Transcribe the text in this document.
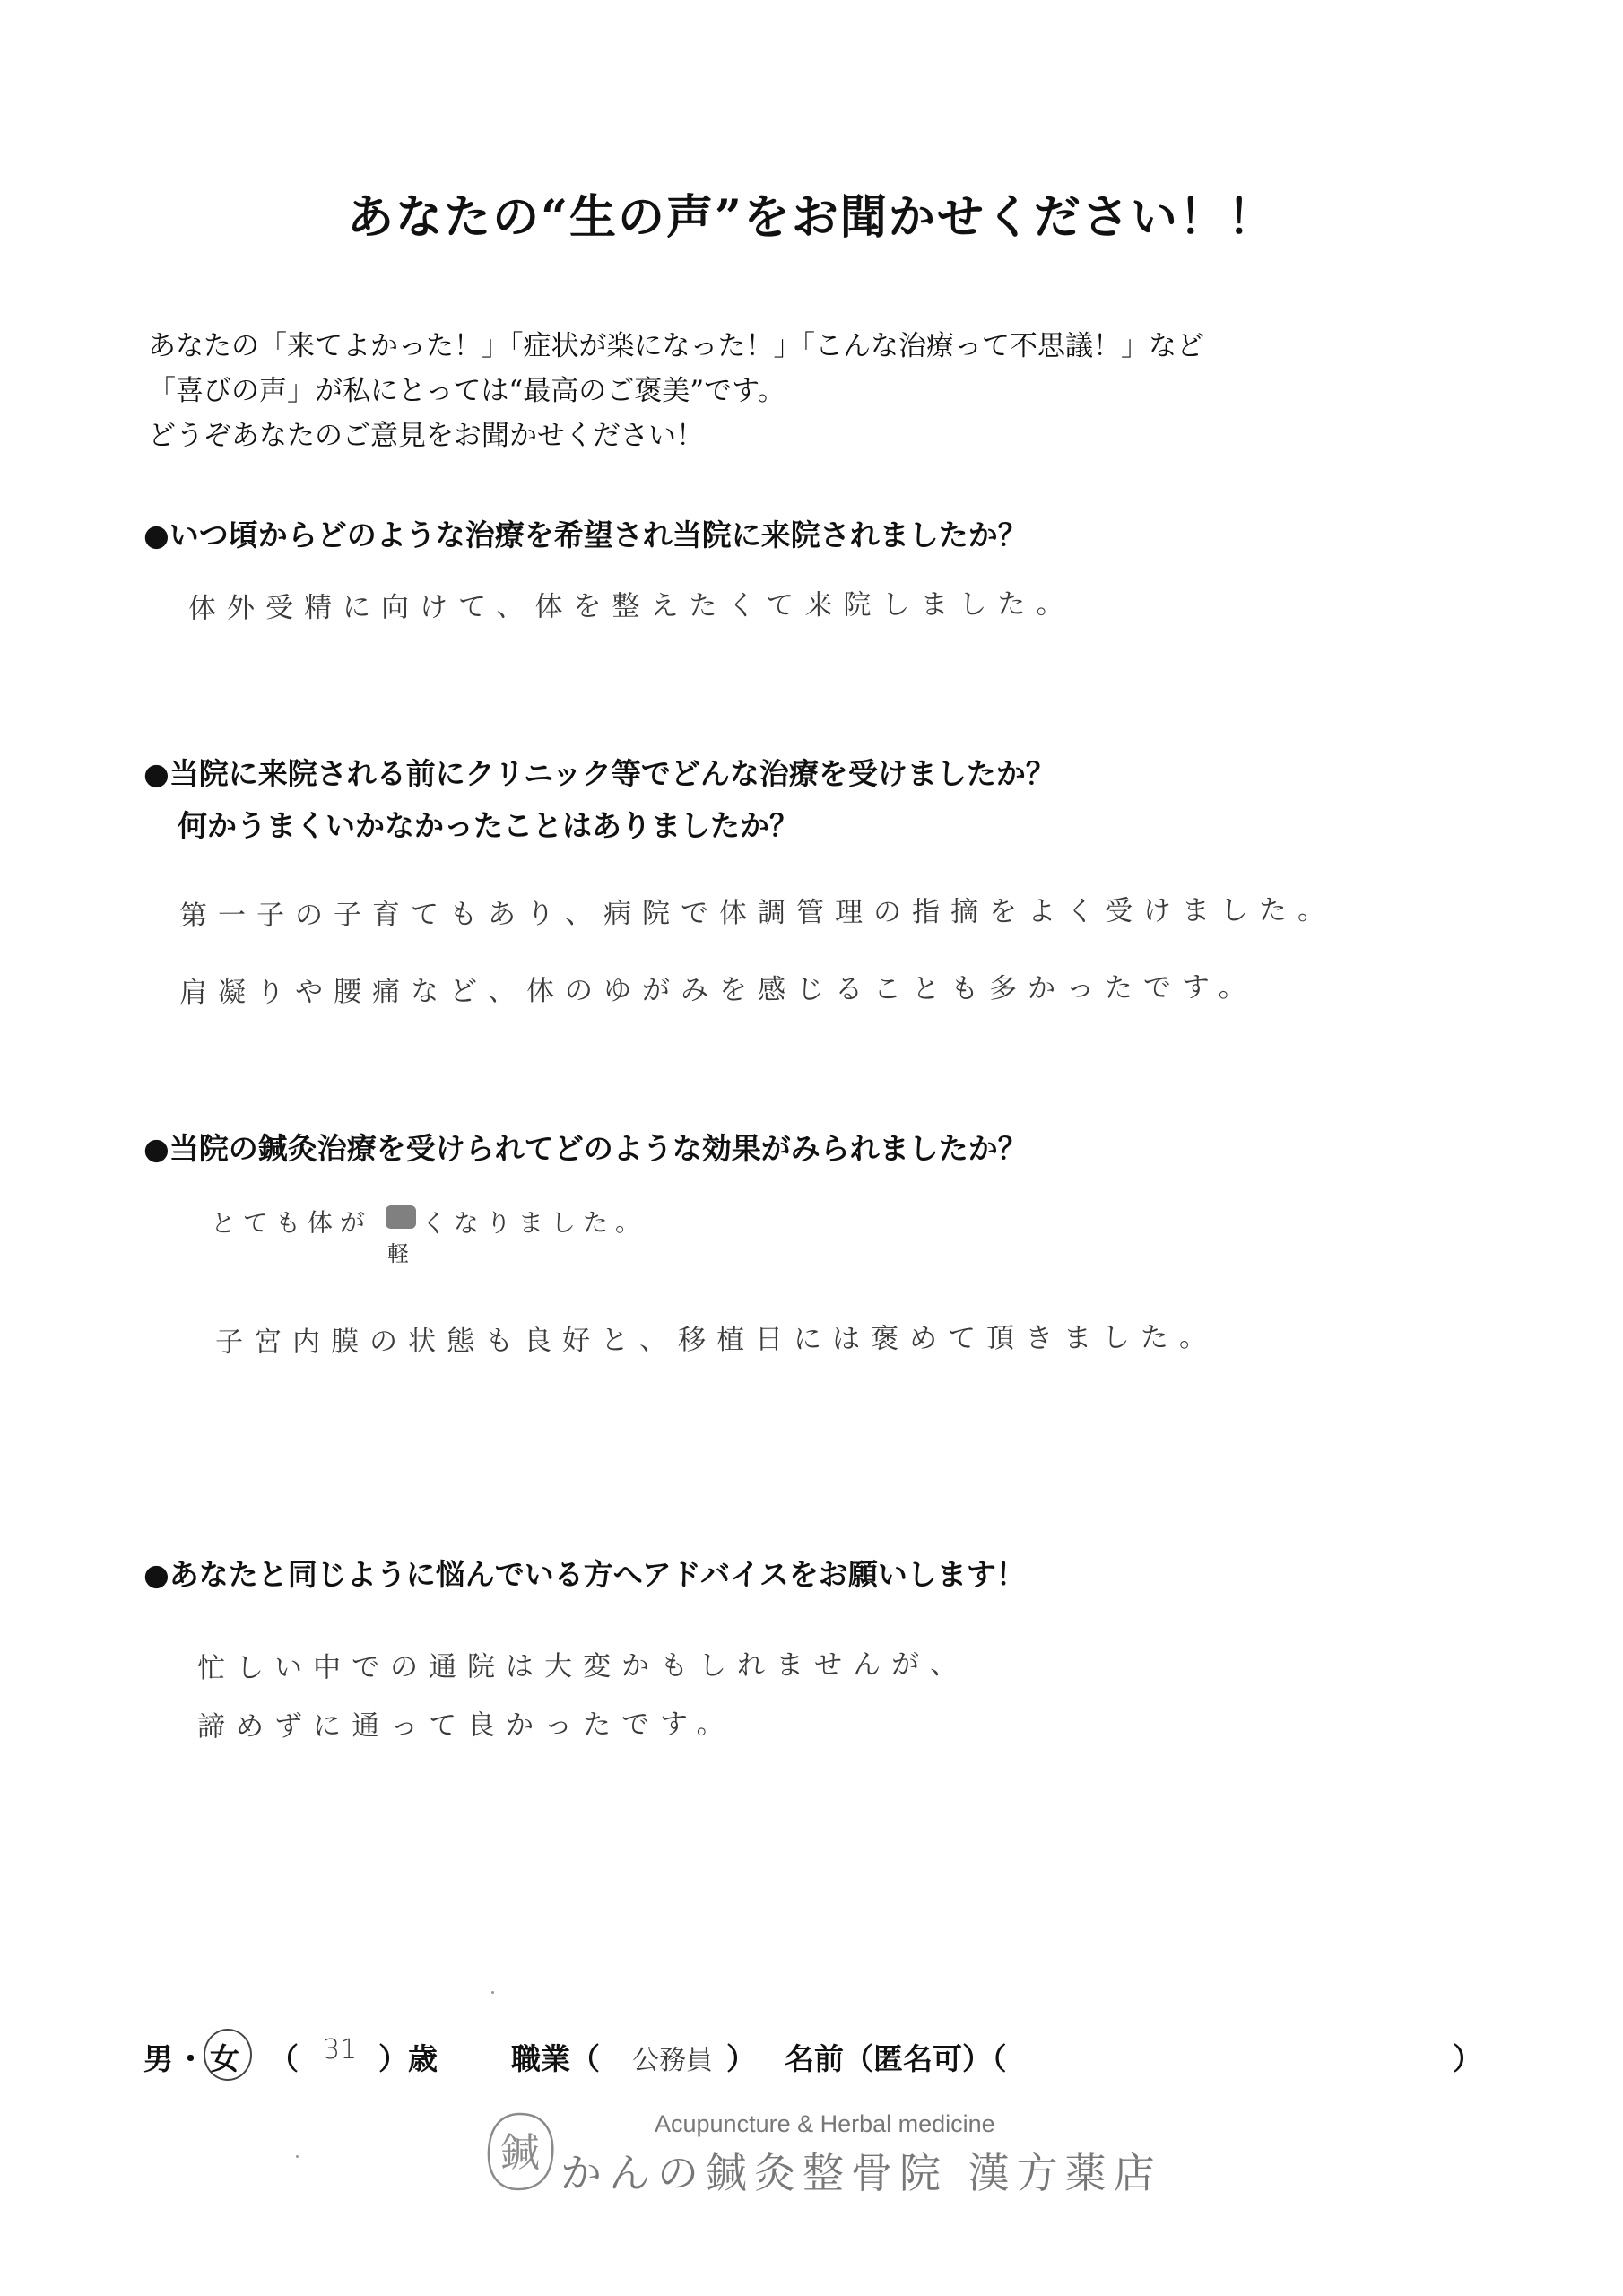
あなたの“生の声”をお聞かせください！！
あなたの「来てよかった！」「症状が楽になった！」「こんな治療って不思議！」など
「喜びの声」が私にとっては“最高のご褒美”です。
どうぞあなたのご意見をお聞かせください！
●いつ頃からどのような治療を希望され当院に来院されましたか？
体外受精に向けて、体を整えたくて来院しました。
●当院に来院される前にクリニック等でどんな治療を受けましたか？
何かうまくいかなかったことはありましたか？
第一子の子育てもあり、病院で体調管理の指摘をよく受けました。
肩凝りや腰痛など、体のゆがみを感じることも多かったです。
●当院の鍼灸治療を受けられてどのような効果がみられましたか？
とても体が くなりました。
軽
子宮内膜の状態も良好と、移植日には褒めて頂きました。
●あなたと同じように悩んでいる方へアドバイスをお願いします！
忙しい中での通院は大変かもしれませんが、
諦めずに通って良かったです。
男 ・ 女 （ 31 ）歳 職業（ 公務員 ） 名前（匿名可）（	）
鍼
Acupuncture & Herbal medicine
かんの鍼灸整骨院 漢方薬店
